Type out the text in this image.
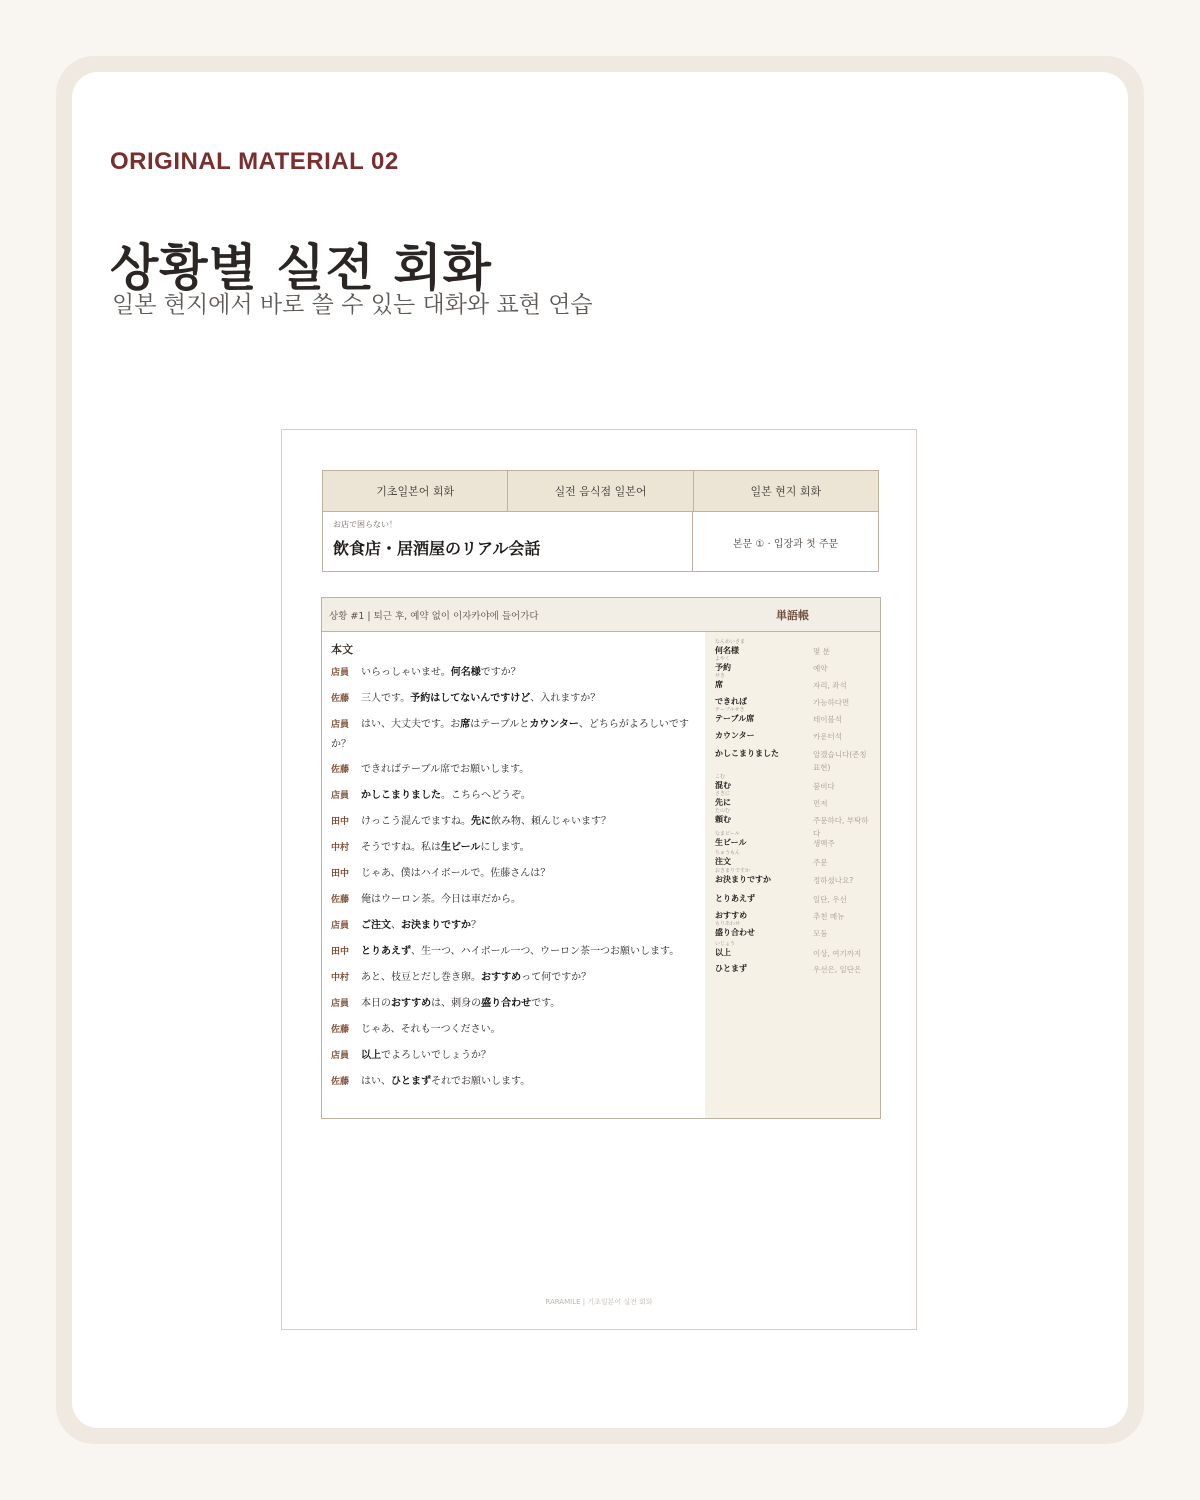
ORIGINAL MATERIAL 02
상황별 실전 회화
일본 현지에서 바로 쓸 수 있는 대화와 표현 연습
기초일본어 회화	실전 음식점 일본어	일본 현지 회화
お店で困らない！
飲食店・居酒屋のリアル会話	본문 ① · 입장과 첫 주문
상황 #1 | 퇴근 후, 예약 없이 이자카야에 들어가다
本文
店員 いらっしゃいませ。何名様ですか？
佐藤 三人です。予約はしてないんですけど、入れますか？
店員 はい、大丈夫です。お席はテーブルとカウンター、どちらがよろしいですか？
佐藤 できればテーブル席でお願いします。
店員 かしこまりました。こちらへどうぞ。
田中 けっこう混んでますね。先に飲み物、頼んじゃいます？
中村 そうですね。私は生ビールにします。
田中 じゃあ、僕はハイボールで。佐藤さんは？
佐藤 俺はウーロン茶。今日は車だから。
店員 ご注文、お決まりですか？
田中 とりあえず、生一つ、ハイボール一つ、ウーロン茶一つお願いします。
中村 あと、枝豆とだし巻き卵。おすすめって何ですか？
店員 本日のおすすめは、刺身の盛り合わせです。
佐藤 じゃあ、それも一つください。
店員 以上でよろしいでしょうか？
佐藤 はい、ひとまずそれでお願いします。
単語帳
なんめいさま
何名様	몇 분
よやく
予約	예약
せき
席	자리, 좌석
できれば	가능하다면
テーブルせき
テーブル席	테이블석
カウンター	카운터석
かしこまりました	알겠습니다(존칭 표현)
こむ
混む	붐비다
さきに
先に	먼저
たのむ
頼む	주문하다, 부탁하다
なまビール
生ビール	생맥주
ちゅうもん
注文	주문
おきまりですか
お決まりですか	정하셨나요?
とりあえず	일단, 우선
おすすめ	추천 메뉴
もりあわせ
盛り合わせ	모둠
いじょう
以上	이상, 여기까지
ひとまず	우선은, 일단은
RARAMILE | 기초일본어 실전 회화
